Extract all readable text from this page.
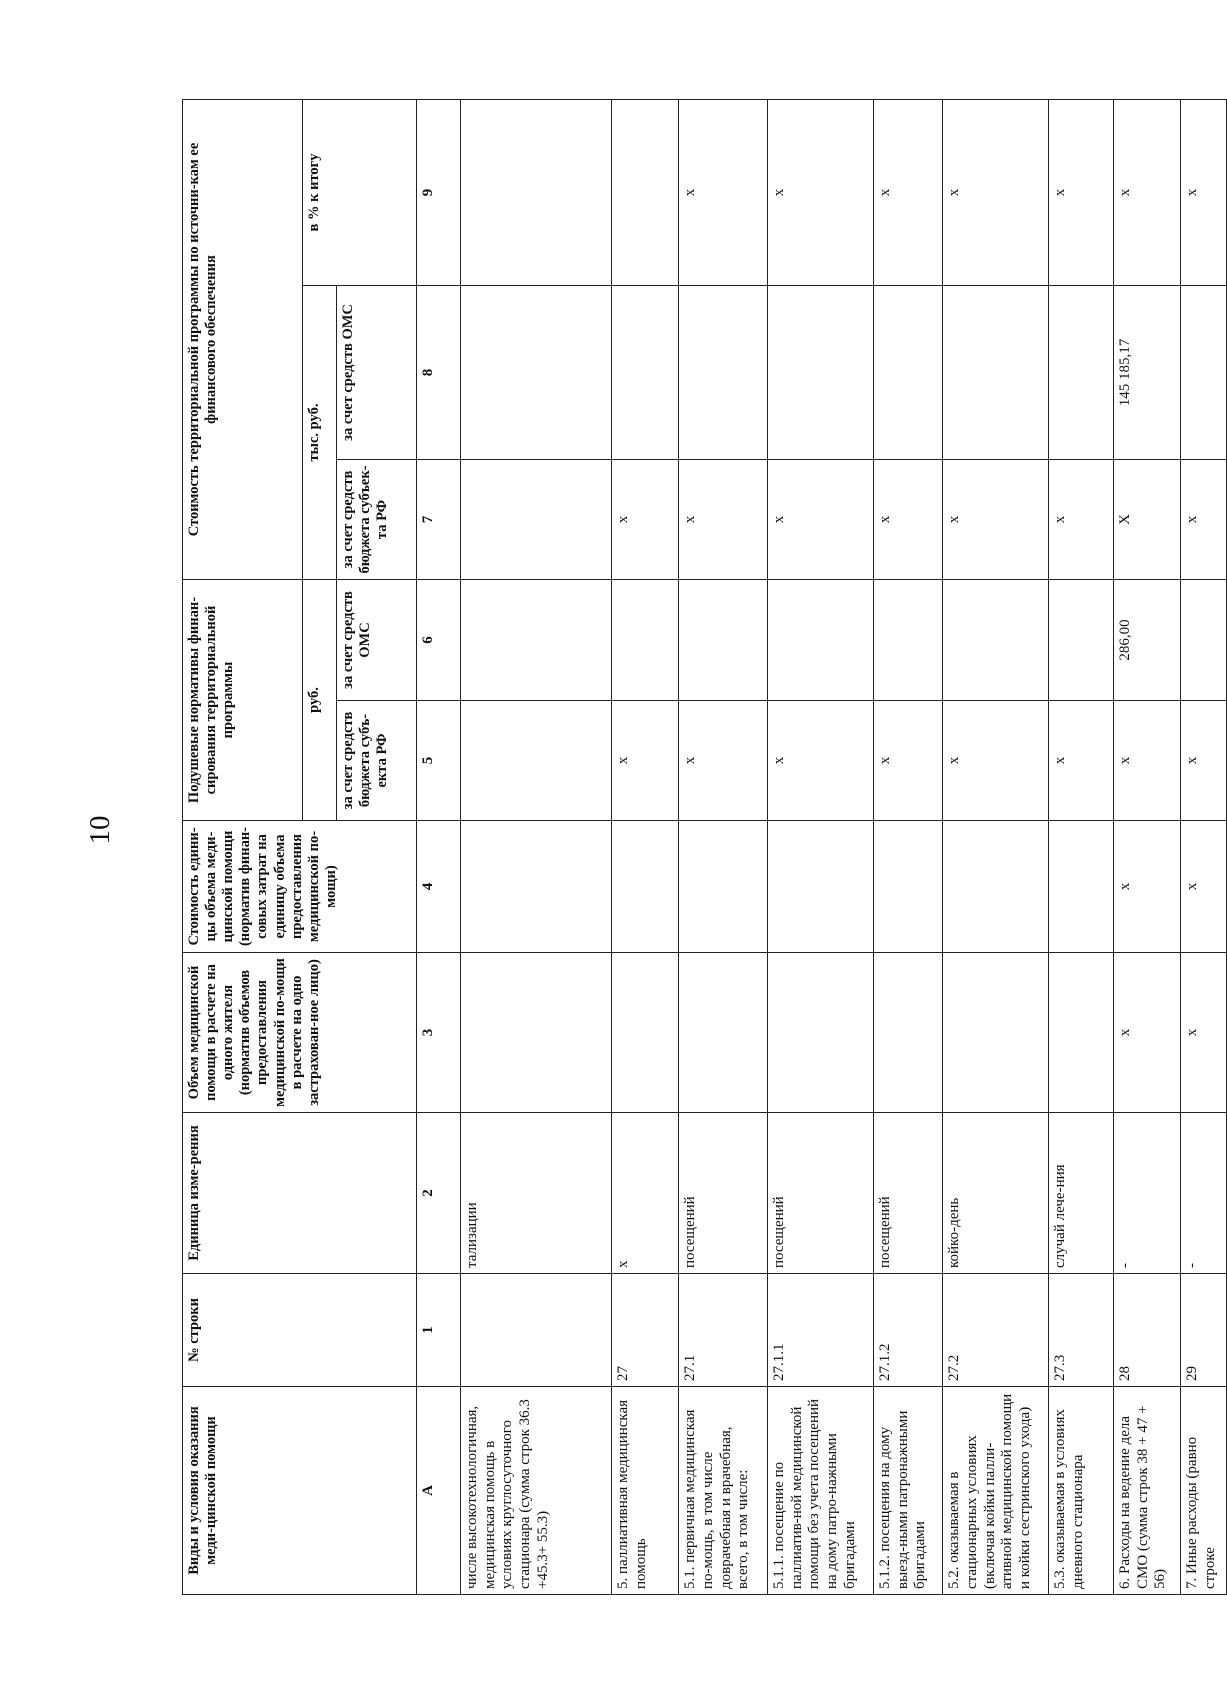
10
Виды и условия оказания меди-цинской помощи	№ строки	Единица изме-рения	Объем медицинской помощи в расчете на одного жителя (норматив объемов предоставления медицинской по-мощи в расчете на одно застрахован-ное лицо)	Стоимость едини-цы объема меди-цинской помощи (норматив финан-совых затрат на единицу объема предоставления медицинской по-мощи)	Подушевые нормативы финан-сирования территориальной программы		Стоимость территориальной программы по источни-кам ее финансового обеспечения		
					руб.		тыс. руб.		в % к итогу
					за счет средств бюджета субъ-екта РФ	за счет средств ОМС	за счет средств бюджета субъек-та РФ	за счет средств ОМС	
А	1	2	3	4	5	6	7	8	9
числе высокотехнологичная, медицинская помощь в условиях круглосуточного стационара (сумма строк 36.3 +45.3+ 55.3)		тализации							
5. паллиативная медицинская помощь	27	x			x		x		
5.1. первичная медицинская по-мощь, в том числе доврачебная и врачебная, всего, в том числе:	27.1	посещений			x		x		x
5.1.1. посещение по паллиатив-ной медицинской помощи без учета посещений на дому патро-нажными бригадами	27.1.1	посещений			x		x		x
5.1.2. посещения на дому выезд-ными патронажными бригадами	27.1.2	посещений			x		x		x
5.2. оказываемая в стационарных условиях (включая койки палли-ативной медицинской помощи и койки сестринского ухода)	27.2	койко-день			x		x		x
5.3. оказываемая в условиях дневного стационара	27.3	случай лече-ния			x		x		x
6. Расходы на ведение дела СМО (сумма строк 38 + 47 + 56)	28	-	x	x	x	286,00	X	145 185,17	x
7. Иные расходы (равно строке	29	-	x	x	x		x		x
